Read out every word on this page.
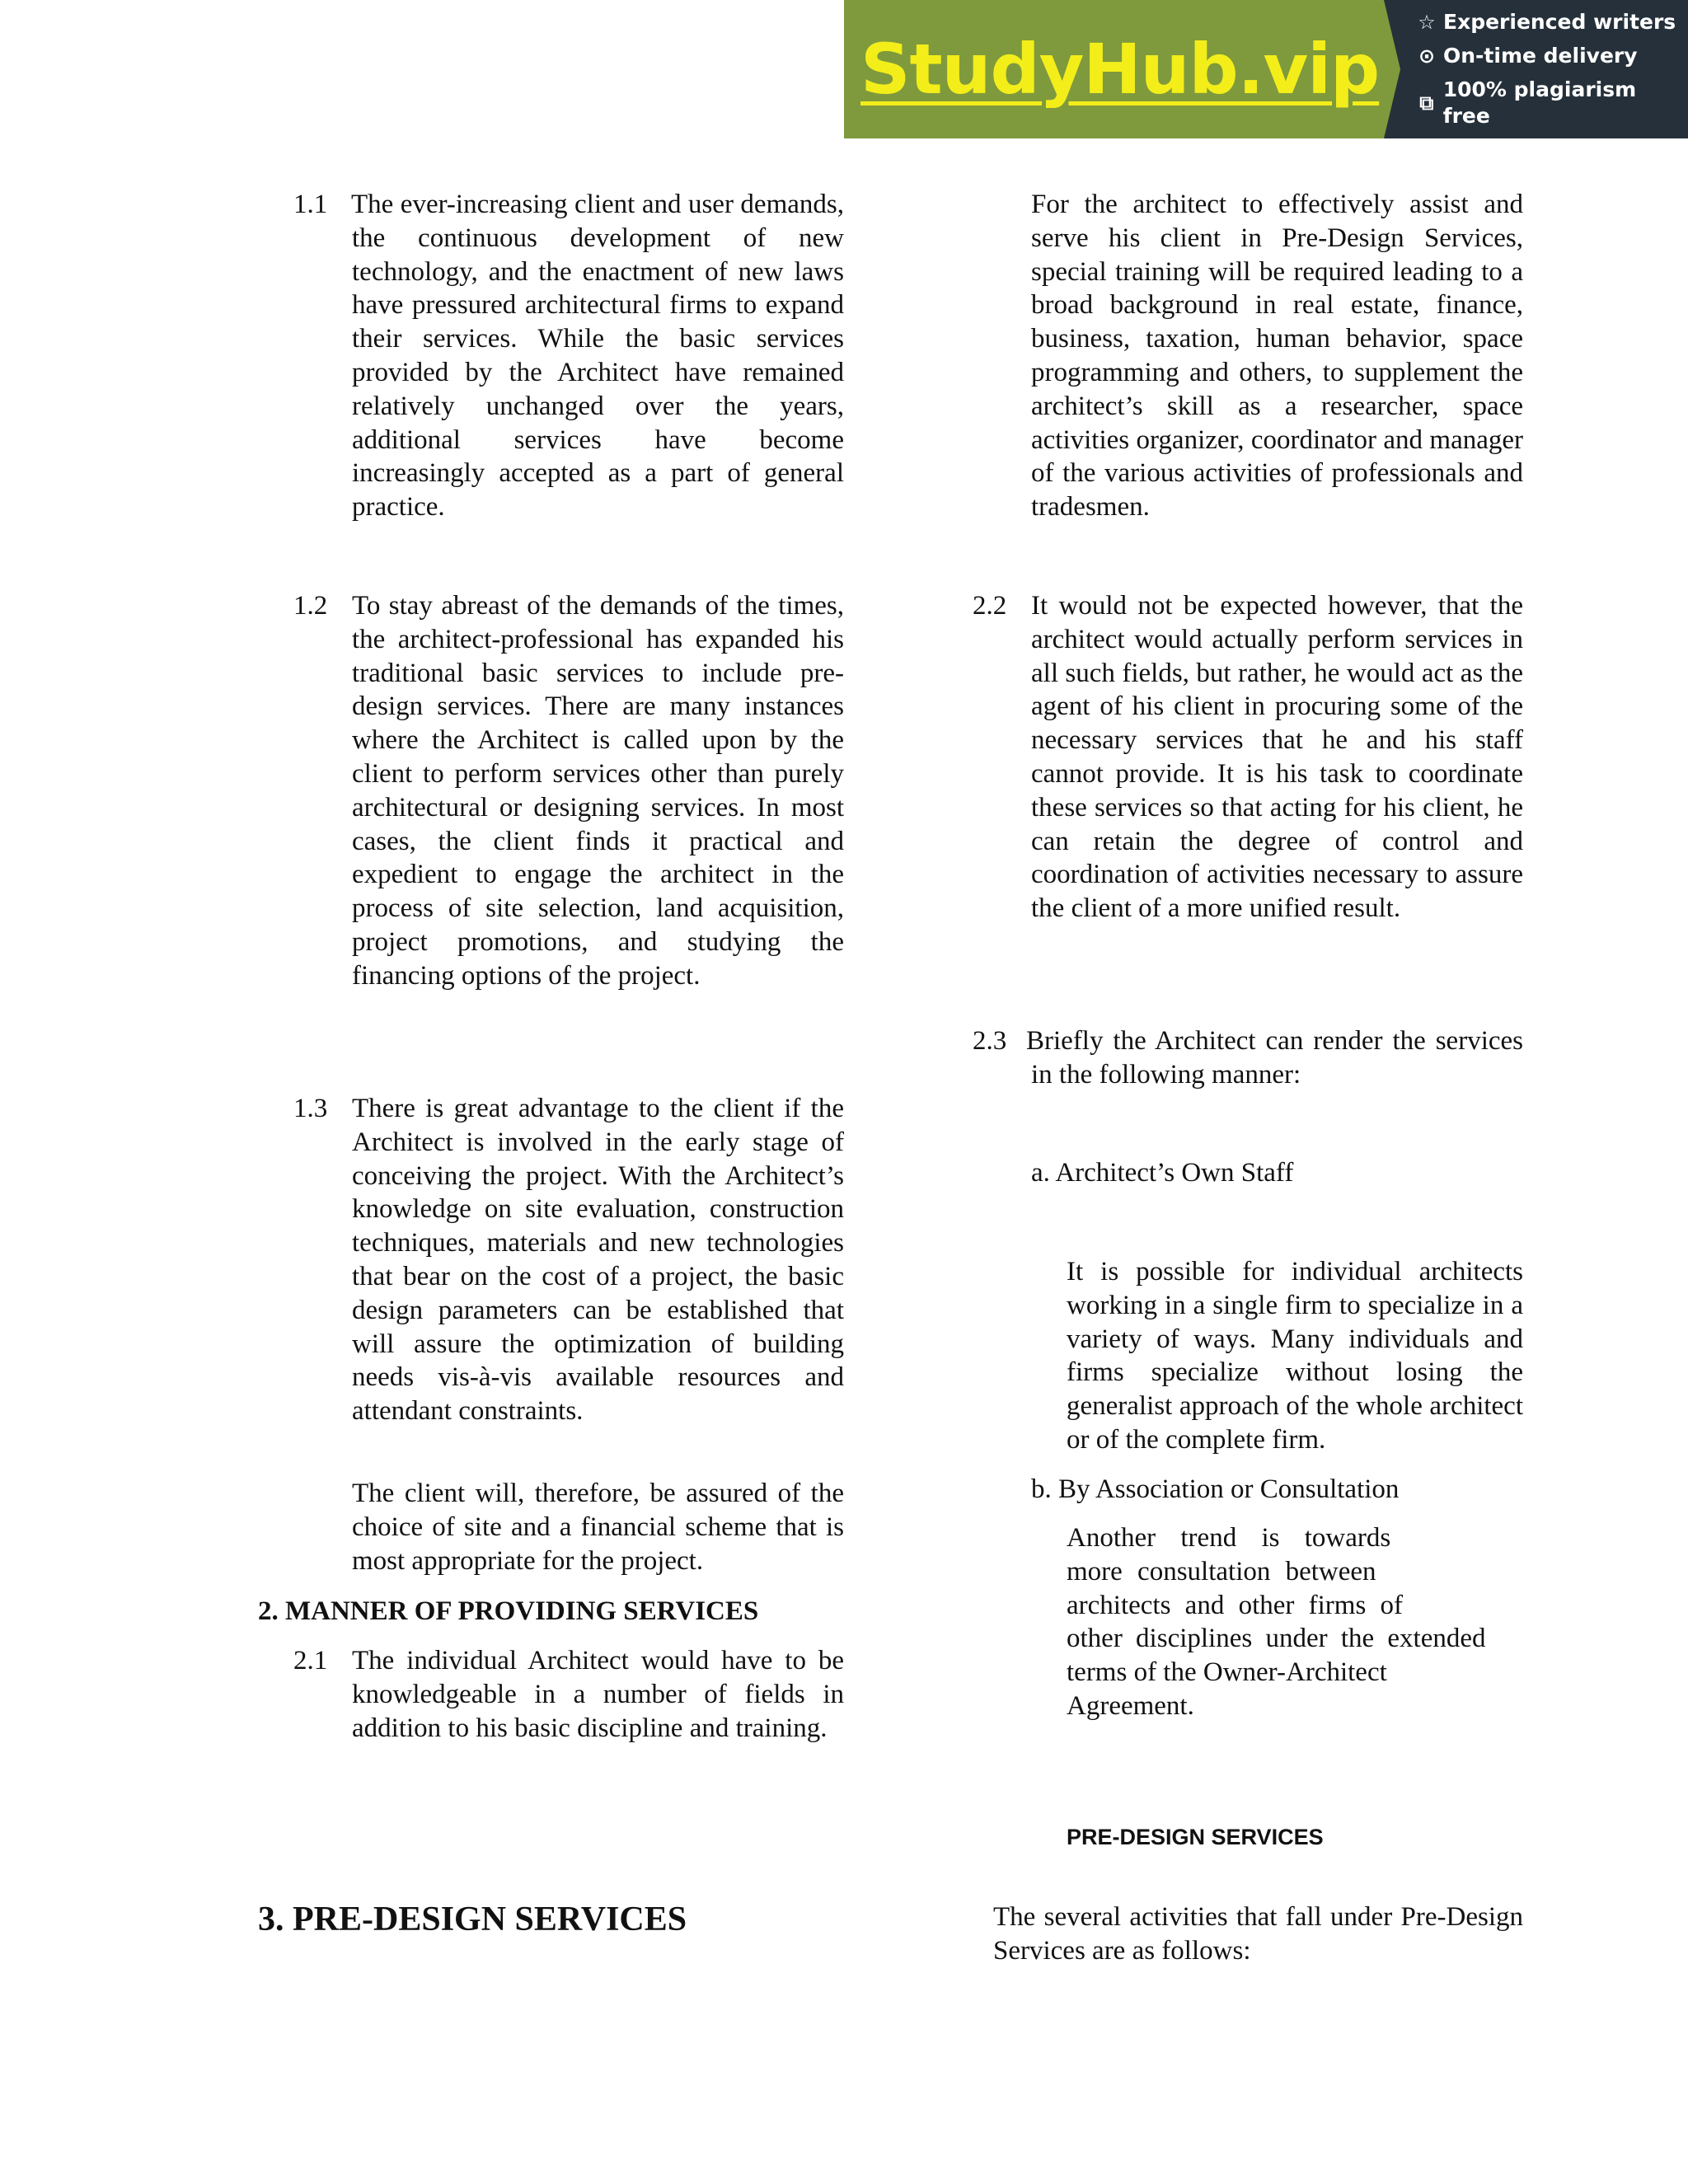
StudyHub.vip
☆ Experienced writers
⊙ On-time delivery
⧉
100% plagiarism free
1.1 The ever-increasing client and user demands, the continuous development of new technology, and the enactment of new laws have pressured architectural firms to expand their services. While the basic services provided by the Architect have remained relatively unchanged over the years, additional services have become increasingly accepted as a part of general practice.

1.2 To stay abreast of the demands of the times, the architect-professional has expanded his traditional basic services to include pre-design services. There are many instances where the Architect is called upon by the client to perform services other than purely architectural or designing services. In most cases, the client finds it practical and expedient to engage the architect in the process of site selection, land acquisition, project promotions, and studying the financing options of the project.

1.3 There is great advantage to the client if the Architect is involved in the early stage of conceiving the project. With the Architect’s knowledge on site evaluation, construction techniques, materials and new technologies that bear on the cost of a project, the basic design parameters can be established that will assure the optimization of building needs vis-à-vis available resources and attendant constraints.

The client will, therefore, be assured of the choice of site and a financial scheme that is most appropriate for the project.

2. MANNER OF PROVIDING SERVICES
2.1 The individual Architect would have to be knowledgeable in a number of fields in addition to his basic discipline and training.

3. PRE-DESIGN SERVICES

For the architect to effectively assist and serve his client in Pre-Design Services, special training will be required leading to a broad background in real estate, finance, business, taxation, human behavior, space programming and others, to supplement the architect’s skill as a researcher, space activities organizer, coordinator and manager of the various activities of professionals and tradesmen.

2.2 It would not be expected however, that the architect would actually perform services in all such fields, but rather, he would act as the agent of his client in procuring some of the necessary services that he and his staff cannot provide. It is his task to coordinate these services so that acting for his client, he can retain the degree of control and coordination of activities necessary to assure the client of a more unified result.

2.3 Briefly the Architect can render the services in the following manner:

a. Architect’s Own Staff

It is possible for individual architects working in a single firm to specialize in a variety of ways. Many individuals and firms specialize without losing the generalist approach of the whole architect or of the complete firm.

b. By Association or Consultation

Another trend is towards
more consultation between
architects and other firms of
other disciplines under the extended
terms of the Owner-Architect
Agreement.
PRE-DESIGN SERVICES

The several activities that fall under Pre-Design Services are as follows:
